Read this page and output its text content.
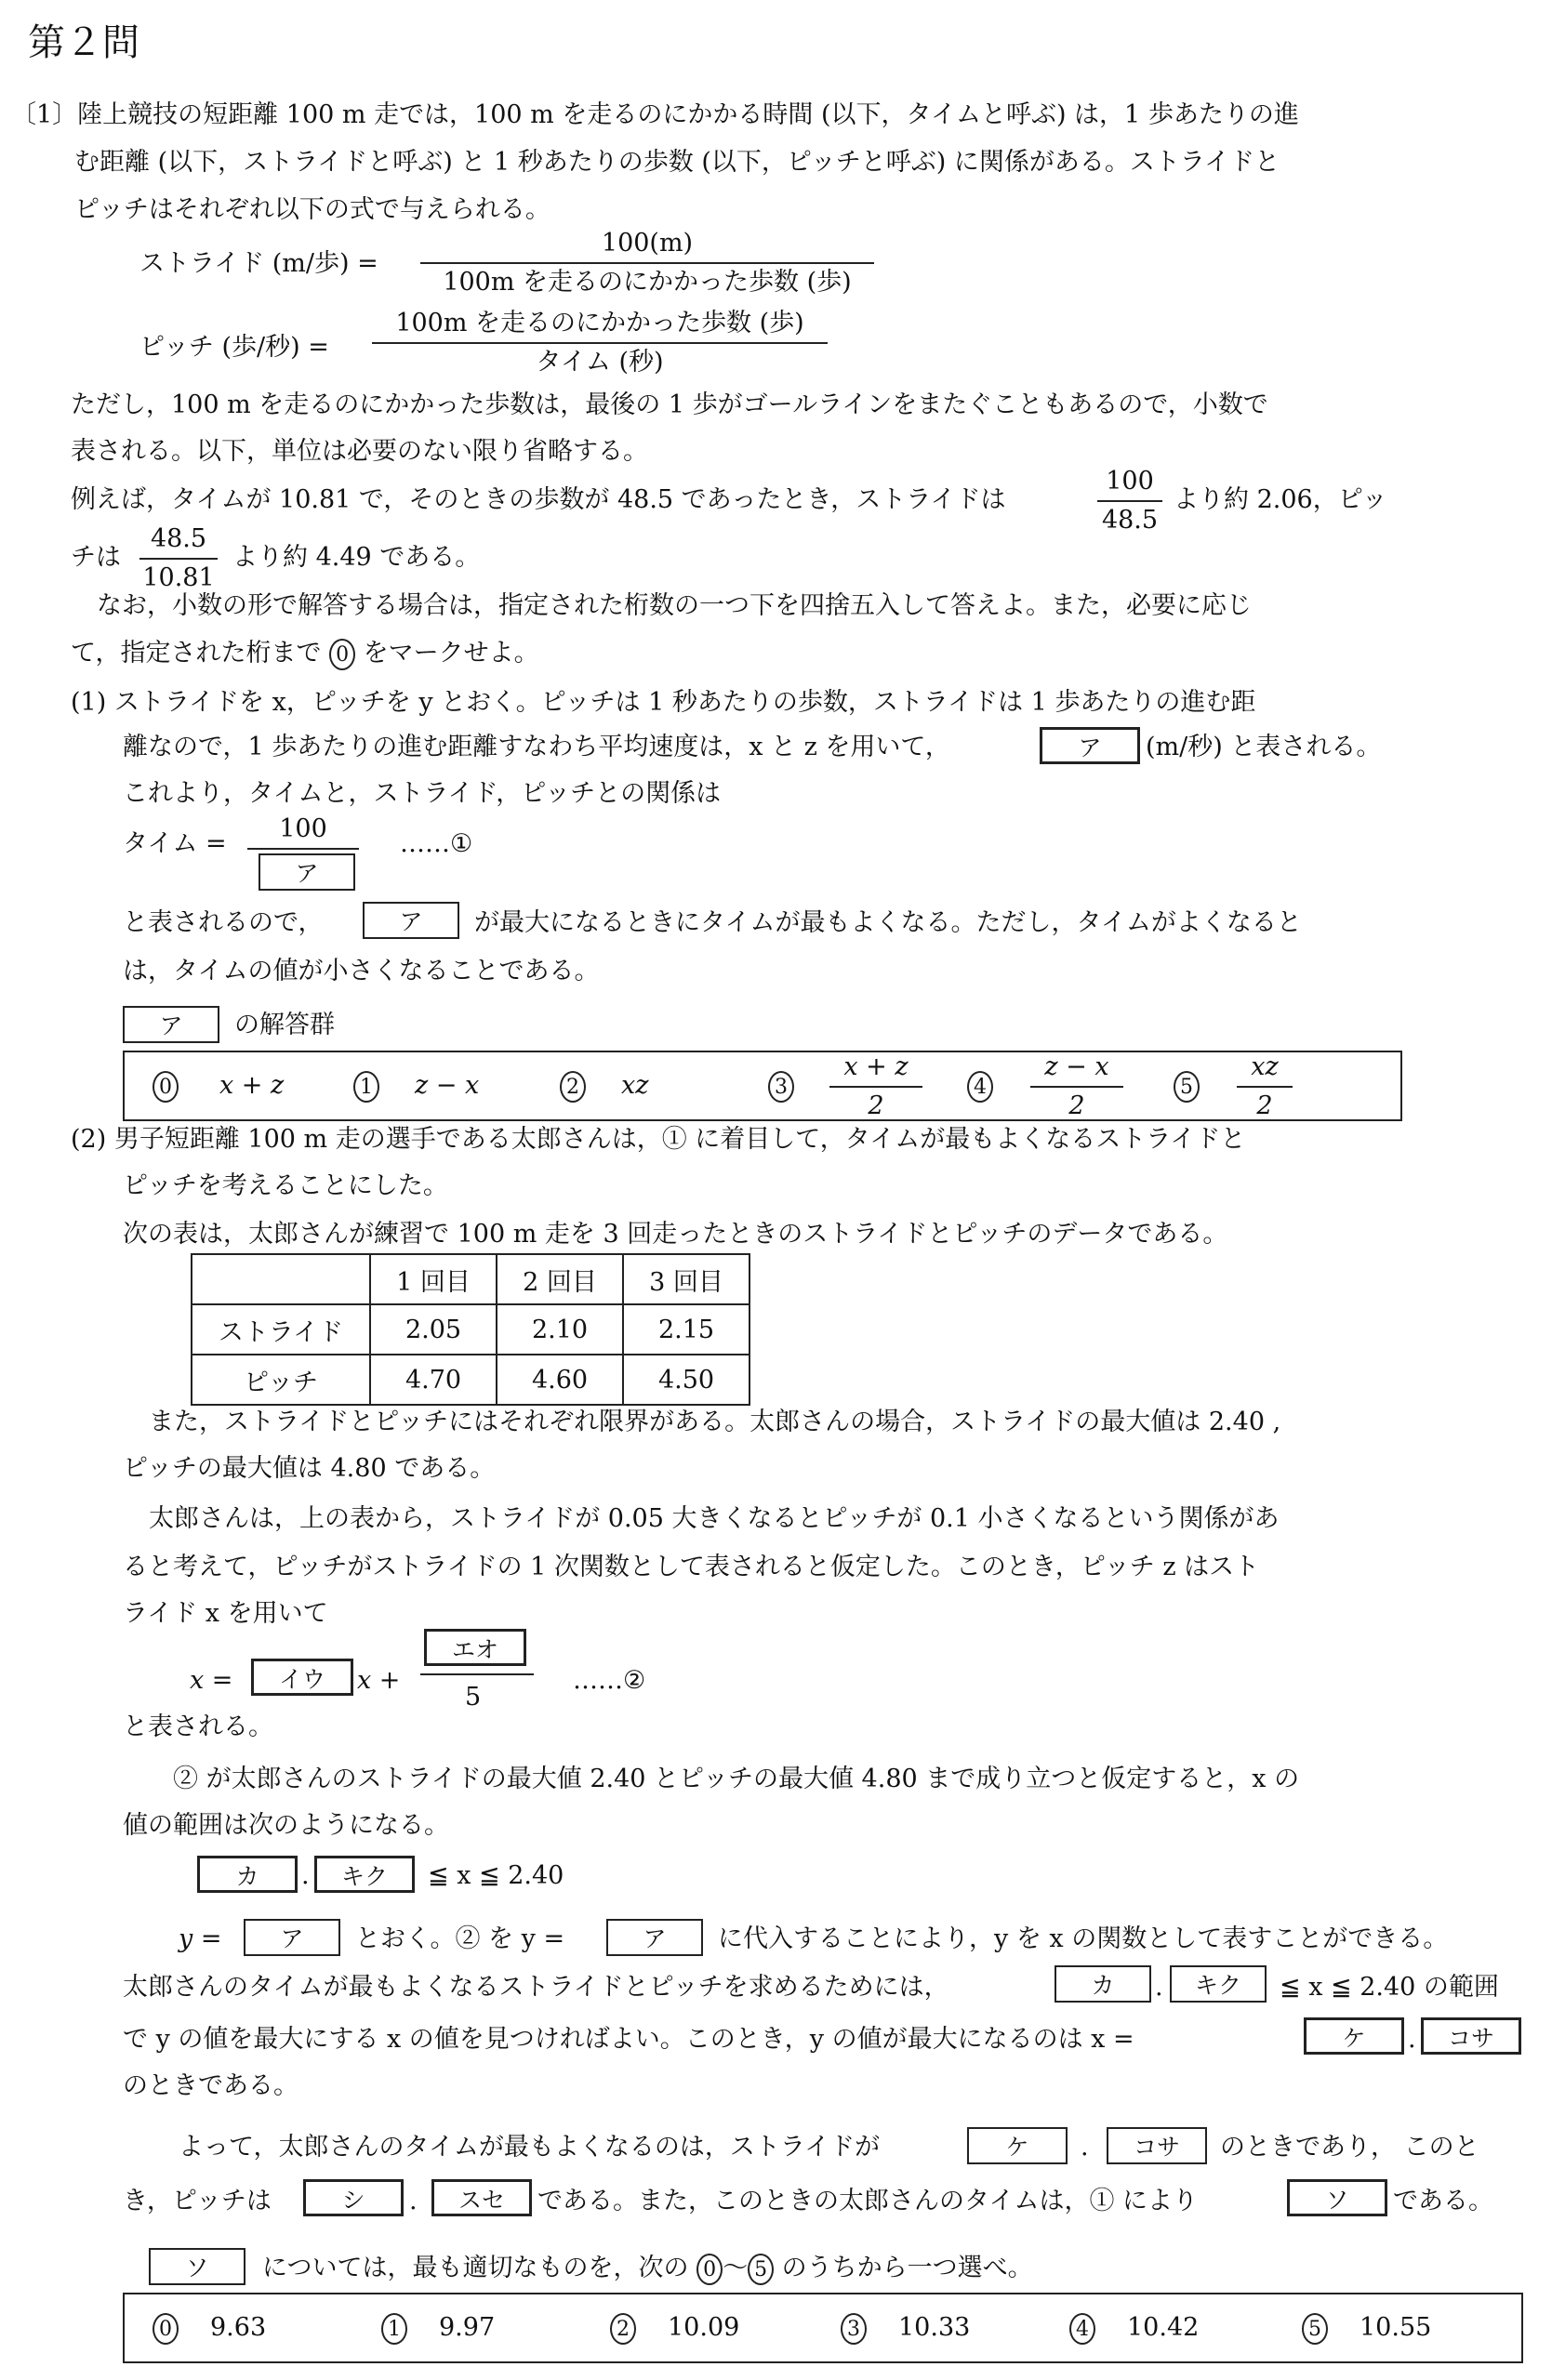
第２問
〔1〕陸上競技の短距離 100 m 走では，100 m を走るのにかかる時間 (以下，タイムと呼ぶ) は，1 歩あたりの進
む距離 (以下，ストライドと呼ぶ) と 1 秒あたりの歩数 (以下，ピッチと呼ぶ) に関係がある。ストライドと
ピッチはそれぞれ以下の式で与えられる。
ストライド (m/歩) =
100(m)
100m を走るのにかかった歩数 (歩)
ピッチ (歩/秒) =
100m を走るのにかかった歩数 (歩)
タイム (秒)
ただし，100 m を走るのにかかった歩数は，最後の 1 歩がゴールラインをまたぐこともあるので，小数で
表される。以下，単位は必要のない限り省略する。
例えば，タイムが 10.81 で，そのときの歩数が 48.5 であったとき，ストライドは
100
48.5
より約 2.06，ピッ
チは
48.5
10.81
より約 4.49 である。
なお，小数の形で解答する場合は，指定された桁数の一つ下を四捨五入して答えよ。また，必要に応じ
て，指定された桁まで 0 をマークせよ。
(1) ストライドを x，ピッチを y とおく。ピッチは 1 秒あたりの歩数，ストライドは 1 歩あたりの進む距
離なので，1 歩あたりの進む距離すなわち平均速度は，x と z を用いて，	ア	(m/秒) と表される。
これより，タイムと，ストライド，ピッチとの関係は
タイム =
100
ア
……①
と表されるので，	ア	が最大になるときにタイムが最もよくなる。ただし，タイムがよくなると
は，タイムの値が小さくなることである。
ア	の解答群
0 x + z	1 z − x	2 xz	3
x + z
2
4
z − x
2
5
xz
2
(2) 男子短距離 100 m 走の選手である太郎さんは，① に着目して，タイムが最もよくなるストライドと
ピッチを考えることにした。
次の表は，太郎さんが練習で 100 m 走を 3 回走ったときのストライドとピッチのデータである。
	1 回目	2 回目	3 回目
ストライド	2.05	2.10	2.15
ピッチ	4.70	4.60	4.50
また，ストライドとピッチにはそれぞれ限界がある。太郎さんの場合，ストライドの最大値は 2.40 ,
ピッチの最大値は 4.80 である。
太郎さんは，上の表から，ストライドが 0.05 大きくなるとピッチが 0.1 小さくなるという関係があ
ると考えて，ピッチがストライドの 1 次関数として表されると仮定した。このとき，ピッチ z はスト
ライド x を用いて
x =	イウ	x +
エオ
5
……②
と表される。
② が太郎さんのストライドの最大値 2.40 とピッチの最大値 4.80 まで成り立つと仮定すると，x の
値の範囲は次のようになる。
カ	.	キク	≦ x ≦ 2.40
y =	ア	とおく。② を y =	ア	に代入することにより，y を x の関数として表すことができる。
太郎さんのタイムが最もよくなるストライドとピッチを求めるためには，	カ	.	キク	≦ x ≦ 2.40 の範囲
で y の値を最大にする x の値を見つければよい。このとき，y の値が最大になるのは x =	ケ	.	コサ
のときである。
よって，太郎さんのタイムが最もよくなるのは，ストライドが	ケ	.	コサ	のときであり， このと
き，ピッチは	シ	.	スセ	である。また，このときの太郎さんのタイムは，① により	ソ	である。
ソ	については，最も適切なものを，次の 0 〜 5 のうちから一つ選べ。
0 9.63	1 9.97	2 10.09	3 10.33	4 10.42	5 10.55
